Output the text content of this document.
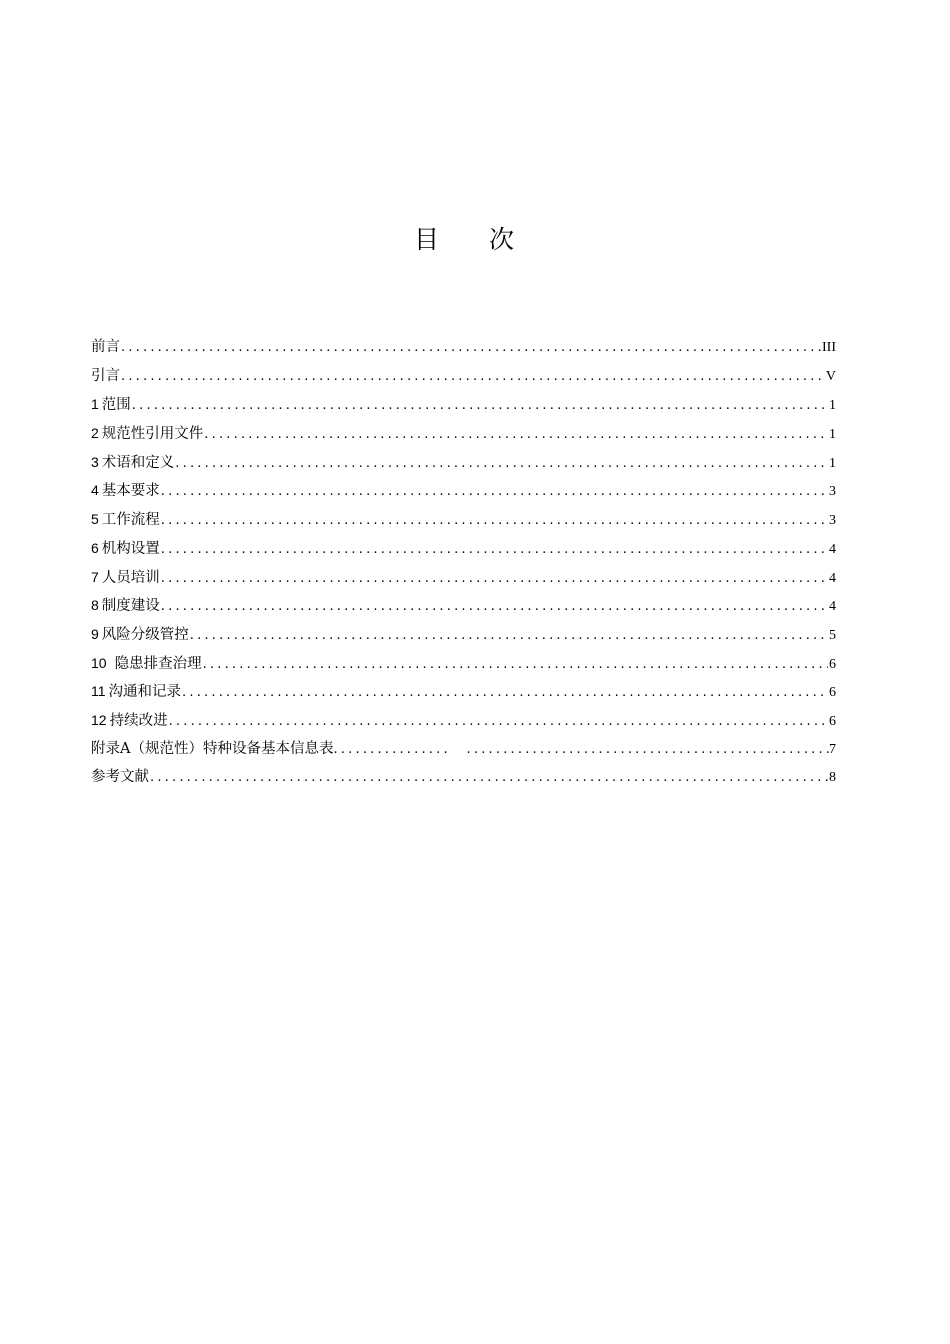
目 次
前言 .....	III
引言 .....	V
1 范围 .....	1
2 规范性引用文件 .....	1
3 术语和定义 .....	1
4 基本要求 .....	3
5 工作流程 .....	3
6 机构设置 .....	4
7 人员培训 .....	4
8 制度建设 .....	4
9 风险分级管控 .....	5
10 隐患排查治理 .....	6
11 沟通和记录 .....	6
12 持续改进 .....	6
附录A（规范性）特种设备基本信息表 ..... .....	7
参考文献 .....	8
